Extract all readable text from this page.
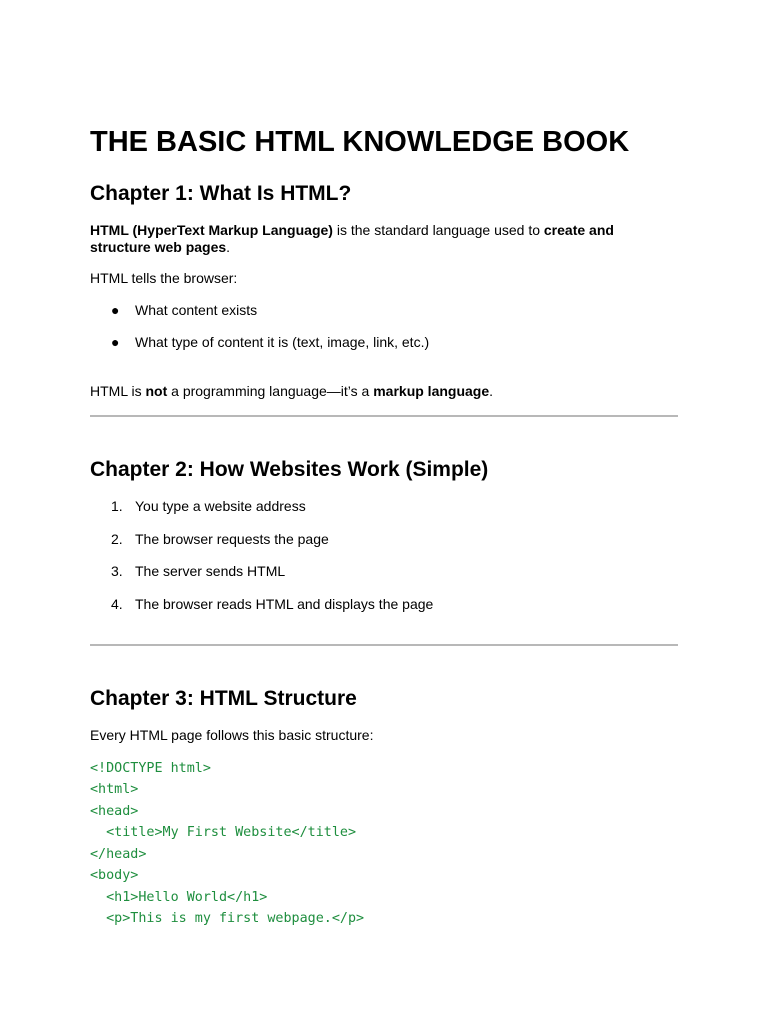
THE BASIC HTML KNOWLEDGE BOOK
Chapter 1: What Is HTML?

HTML (HyperText Markup Language) is the standard language used to create and structure web pages.

HTML tells the browser:

● What content exists
● What type of content it is (text, image, link, etc.)

HTML is not a programming language—it’s a markup language.

Chapter 2: How Websites Work (Simple)
1. You type a website address
2. The browser requests the page
3. The server sends HTML
4. The browser reads HTML and displays the page
Chapter 3: HTML Structure

Every HTML page follows this basic structure:

<!DOCTYPE html>
<html>
<head>
<title>My First Website</title>
</head>
<body>
<h1>Hello World</h1>
<p>This is my first webpage.</p>
